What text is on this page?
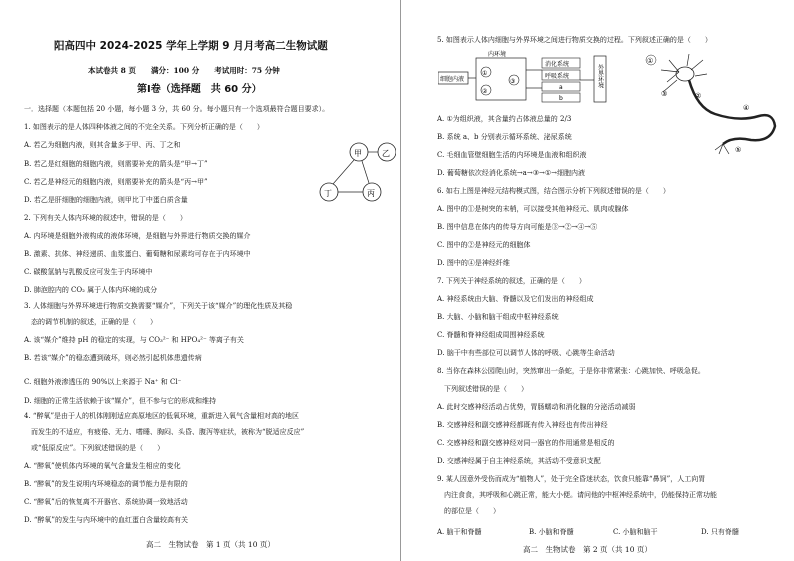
阳高四中 2024-2025 学年上学期 9 月月考高二生物试题
本试卷共 8 页　　满分：100 分　　考试用时：75 分钟
第Ⅰ卷（选择题　共 60 分）
一．选择题（本题包括 20 小题，每小题 3 分，共 60 分。每小题只有一个选项最符合题目要求）。
1. 如图表示的是人体四种体液之间的不完全关系。下列分析正确的是（　　）
A. 若乙为细胞内液，则其含量多于甲、丙、丁之和
B. 若乙是红细胞的细胞内液，则需要补充的箭头是“甲→丁”
C. 若乙是神经元的细胞内液，则需要补充的箭头是“丙→甲”
D. 若乙是肝细胞的细胞内液，则甲比丁中蛋白质含量
2. 下列有关人体内环境的叙述中，错误的是（　　）
A. 内环境是细胞外液构成的液体环境，是细胞与外界进行物质交换的媒介
B. 激素、抗体、神经递质、血浆蛋白、葡萄糖和尿素均可存在于内环境中
C. 碳酸氢钠与乳酸反应可发生于内环境中
D. 肺泡腔内的 CO₂ 属于人体内环境的成分
3. 人体细胞与外界环境进行物质交换需要“媒介”，下列关于该“媒介”的理化性质及其稳
　态的调节机制的叙述，正确的是（　　）
A. 该“媒介”维持 pH 的稳定的实现，与 CO₃²⁻ 和 HPO₄²⁻ 等离子有关
B. 若该“媒介”的稳态遭到破坏，则必然引起机体患遗传病
C. 细胞外液渗透压的 90%以上来源于 Na⁺ 和 Cl⁻
D. 细胞的正常生活依赖于该“媒介”，但不参与它的形成和维持
4. “醉氧”是由于人的机体刚刚适应高原地区的低氧环境，重新进入氧气含量相对高的地区
　而发生的不适应，有疲倦、无力、嗜睡、胸闷、头昏、腹泻等症状，被称为“脱适应反应”
　或“低原反应”。下列叙述错误的是（　　）
A. “醉氧”使机体内环境的氧气含量发生相应的变化
B. “醉氧”的发生说明内环境稳态的调节能力是有限的
C. “醉氧”后的恢复离不开器官、系统协调一致地活动
D. “醉氧”的发生与内环境中的血红蛋白含量较高有关
高二　生物试卷　第 1 页（共 10 页）
甲	乙
丁	丙
5. 如图表示人体内细胞与外界环境之间进行物质交换的过程。下列叙述正确的是（　　）
细胞内液
内环境
①
②
③
消化系统
呼吸系统
a
b
外界环境
①
②
③
④
⑤
A. ①为组织液，其含量约占体液总量的 2/3
B. 系统 a、b 分别表示循环系统、泌尿系统
C. 毛细血管壁细胞生活的内环境是血液和组织液
D. 葡萄糖依次经消化系统→a→③→①→细胞内液
6. 如右上图是神经元结构模式图，结合图示分析下列叙述错误的是（　　）
A. 图中的①是树突的末梢，可以接受其他神经元、肌肉或腺体
B. 图中信息在体内的传导方向可能是③→②→④→⑤
C. 图中的②是神经元的细胞体
D. 图中的④是神经纤维
7. 下列关于神经系统的叙述，正确的是（　　）
A. 神经系统由大脑、脊髓以及它们发出的神经组成
B. 大脑、小脑和脑干组成中枢神经系统
C. 脊髓和脊神经组成周围神经系统
D. 脑干中有些部位可以调节人体的呼吸、心跳等生命活动
8. 当你在森林公园爬山时，突然窜出一条蛇，于是你非常紧张：心跳加快、呼吸急促。
　下列叙述错误的是（　　）
A. 此时交感神经活动占优势，胃肠蠕动和消化腺的分泌活动减弱
B. 交感神经和副交感神经都既有传入神经也有传出神经
C. 交感神经和副交感神经对同一器官的作用通常是相反的
D. 交感神经属于自主神经系统，其活动不受意识支配
9. 某人因意外受伤而成为“植物人”，处于完全昏迷状态，饮食只能靠“鼻饲”，人工向胃
　内注食食，其呼吸和心跳正常，能大小便。请问他的中枢神经系统中，仍能保持正常功能
　的部位是（　　）
A. 脑干和脊髓	B. 小脑和脊髓	C. 小脑和脑干	D. 只有脊髓
高二　生物试卷　第 2 页（共 10 页）
